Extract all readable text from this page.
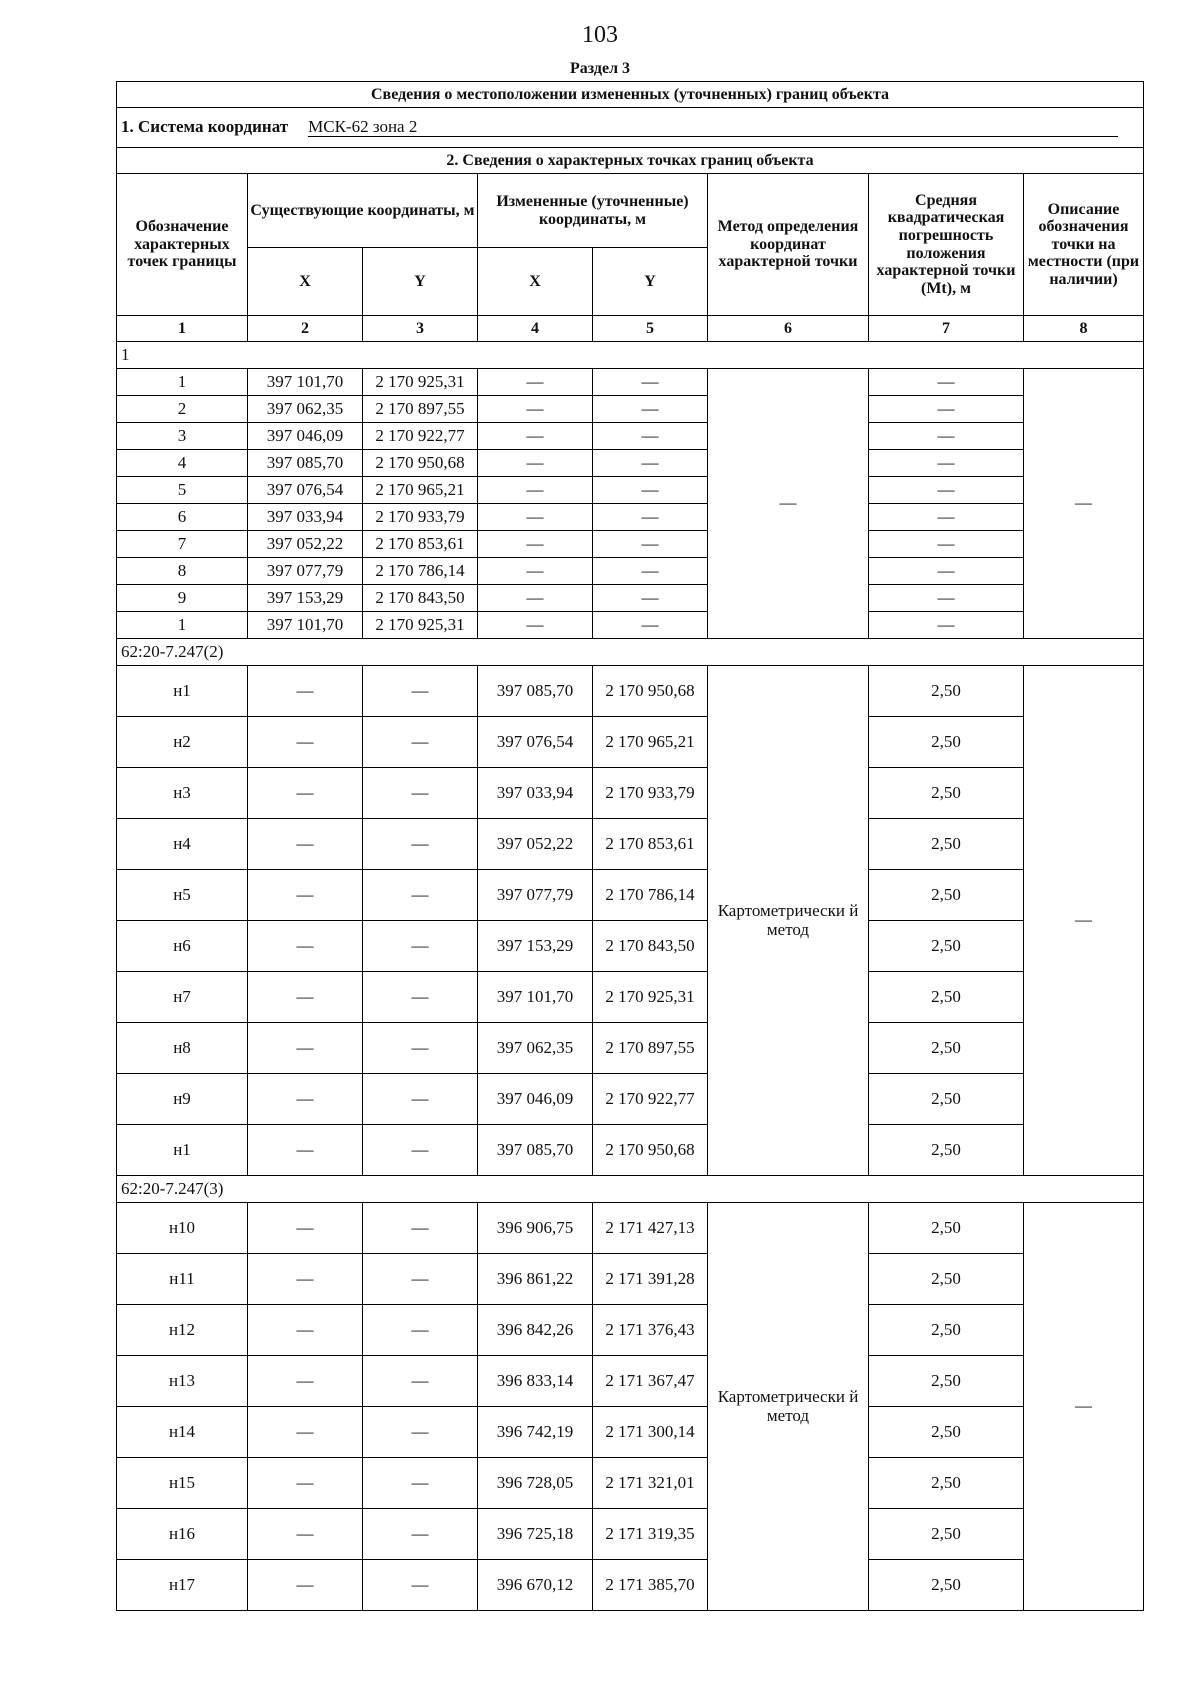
103
Раздел 3
Сведения о местоположении измененных (уточненных) границ объекта							
1. Система координат МСК-62 зона 2							
2. Сведения о характерных точках границ объекта							
Обозначение характерных точек границы	Существующие координаты, м		Измененные (уточненные) координаты, м		Метод определения координат характерной точки	Средняя квадратическая погрешность положения характерной точки (Mt), м	Описание обозначения точки на местности (при наличии)
	X	Y	X	Y			
1	2	3	4	5	6	7	8
1							
1	397 101,70	2 170 925,31	—	—	—	—	—
2	397 062,35	2 170 897,55	—	—		—	
3	397 046,09	2 170 922,77	—	—		—	
4	397 085,70	2 170 950,68	—	—		—	
5	397 076,54	2 170 965,21	—	—		—	
6	397 033,94	2 170 933,79	—	—		—	
7	397 052,22	2 170 853,61	—	—		—	
8	397 077,79	2 170 786,14	—	—		—	
9	397 153,29	2 170 843,50	—	—		—	
1	397 101,70	2 170 925,31	—	—		—	
62:20-7.247(2)							
н1	—	—	397 085,70	2 170 950,68	Картометрически й метод	2,50	—
н2	—	—	397 076,54	2 170 965,21		2,50	
н3	—	—	397 033,94	2 170 933,79		2,50	
н4	—	—	397 052,22	2 170 853,61		2,50	
н5	—	—	397 077,79	2 170 786,14		2,50	
н6	—	—	397 153,29	2 170 843,50		2,50	
н7	—	—	397 101,70	2 170 925,31		2,50	
н8	—	—	397 062,35	2 170 897,55		2,50	
н9	—	—	397 046,09	2 170 922,77		2,50	
н1	—	—	397 085,70	2 170 950,68		2,50	
62:20-7.247(3)							
н10	—	—	396 906,75	2 171 427,13	Картометрически й метод	2,50	—
н11	—	—	396 861,22	2 171 391,28		2,50	
н12	—	—	396 842,26	2 171 376,43		2,50	
н13	—	—	396 833,14	2 171 367,47		2,50	
н14	—	—	396 742,19	2 171 300,14		2,50	
н15	—	—	396 728,05	2 171 321,01		2,50	
н16	—	—	396 725,18	2 171 319,35		2,50	
н17	—	—	396 670,12	2 171 385,70		2,50	
